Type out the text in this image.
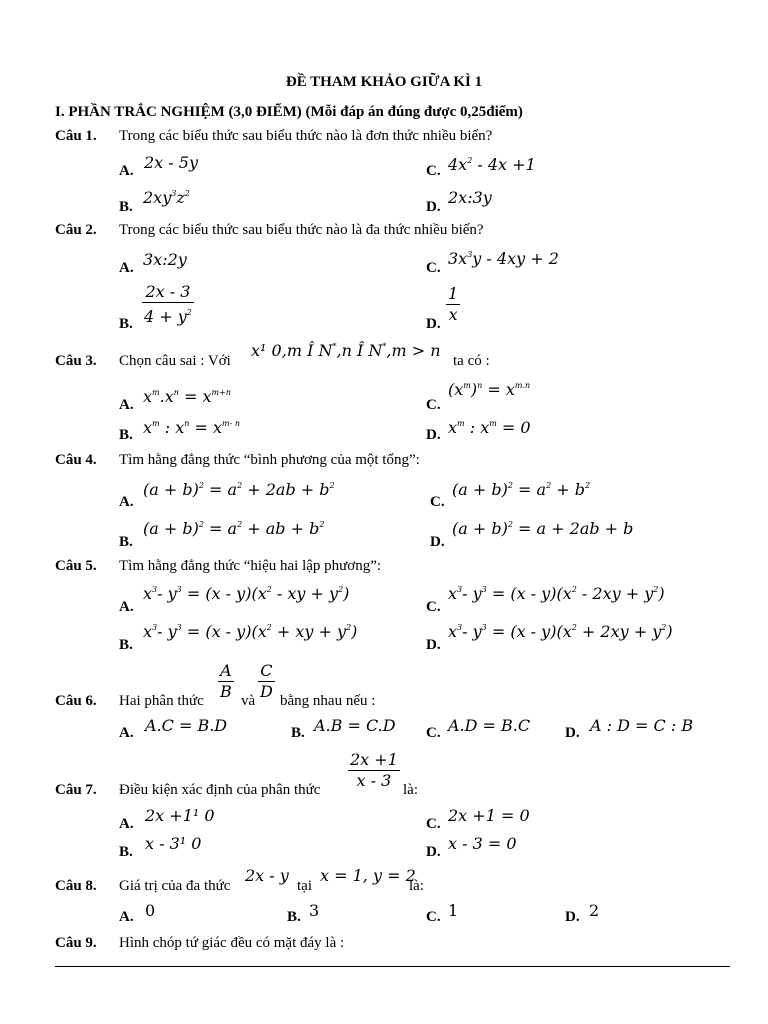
ĐỀ THAM KHẢO GIỮA KÌ 1
I. PHẦN TRẮC NGHIỆM (3,0 ĐIỂM) (Mỗi đáp án đúng được 0,25điểm)
Câu 1. Trong các biểu thức sau biểu thức nào là đơn thức nhiều biến?
A. 2x - 5y	C. $4x^2 - 4x +1$
B. $2xy^3z^2$
D. 2x:3y
Câu 2. Trong các biểu thức sau biểu thức nào là đa thức nhiều biến?
A. 3x:2y	C. $3x^3y - 4xy + 2$
B. $\frac{2x - 3}{4 + y^2}$	D. $\frac{1}{x}$
Câu 3. Chọn câu sai : Với
x¹ 0,m Î N*,n Î N*,m > n
ta có :
A. $x^m.x^n = x^{m+n}$
C.
$(x^m)^n = x^{m.n}$
B. $x^m$ : $x^n = x^{m- n}$
D. $x^m$ : $x^m = 0$
Câu 4. Tìm hằng đẳng thức “bình phương của một tổng”:
A.
$(a + b)^2 = a^2 + 2ab + b^2$
C.
$(a + b)^2 = a^2 + b^2$
B.
$(a + b)^2 = a^2$ + ab + $b^2$
D.
$(a + b)^2 = a + 2ab + b$
Câu 5. Tìm hằng đẳng thức “hiệu hai lập phương”:
A.
$x^3-$ $y^3 = (x - y)(x^2$ - xy + $y^2$)
C.
$x^3-$ $y^3 = (x - y)(x^2 - 2xy + y^2)$
B.
$x^3-$ $y^3 = (x - y)(x^2$ + xy + $y^2$)
D.
$x^3-$ $y^3 = (x - y)(x^2 + 2xy + y^2)$
Câu 6. Hai phân thức $\frac{A}{B}$ và $\frac{C}{D}$ bằng nhau nếu :
A. A.C = B.D	B. A.B = C.D C. A.D = B.C D. A : D = C : B
Câu 7. Điều kiện xác định của phân thức $\frac{2x +1}{x - 3}$ là:
A. 2x +1¹ 0	C. 2x +1 = 0
B. x - 3¹ 0	D. x - 3 = 0
Câu 8. Giá trị của đa thức
2x - y
tại
x = 1, y = 2
là:
A. 0	B. 3	C. 1	D. 2
Câu 9. Hình chóp tứ giác đều có mặt đáy là :
